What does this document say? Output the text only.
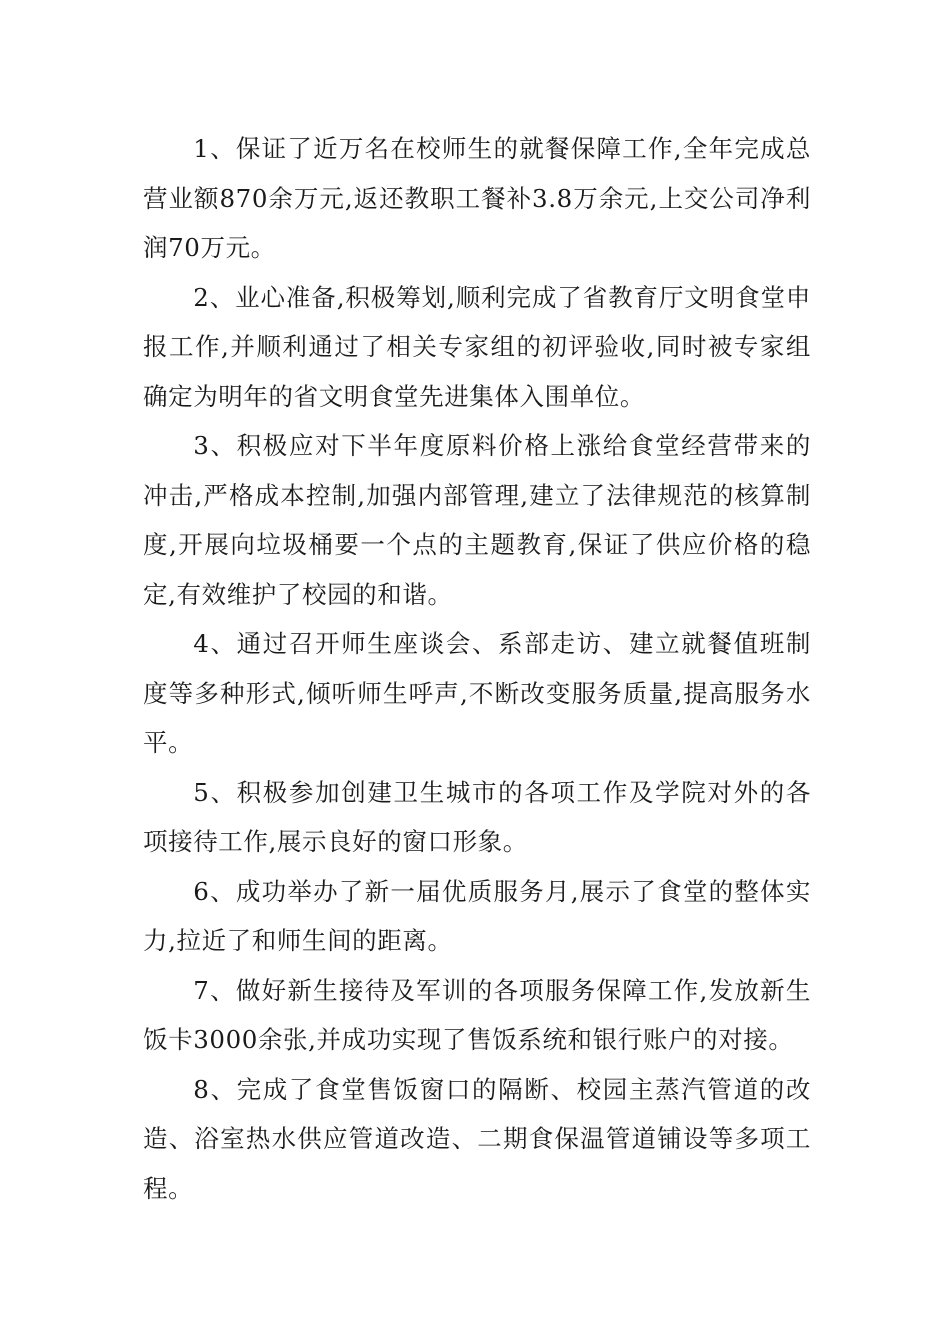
1、保证了近万名在校师生的就餐保障工作,全年完成总营业额870余万元,返还教职工餐补3.8万余元,上交公司净利润70万元。

2、业心准备,积极筹划,顺利完成了省教育厅文明食堂申报工作,并顺利通过了相关专家组的初评验收,同时被专家组确定为明年的省文明食堂先进集体入围单位。

3、积极应对下半年度原料价格上涨给食堂经营带来的冲击,严格成本控制,加强内部管理,建立了法律规范的核算制度,开展向垃圾桶要一个点的主题教育,保证了供应价格的稳定,有效维护了校园的和谐。

4、通过召开师生座谈会、系部走访、建立就餐值班制度等多种形式,倾听师生呼声,不断改变服务质量,提高服务水平。

5、积极参加创建卫生城市的各项工作及学院对外的各项接待工作,展示良好的窗口形象。

6、成功举办了新一届优质服务月,展示了食堂的整体实力,拉近了和师生间的距离。

7、做好新生接待及军训的各项服务保障工作,发放新生饭卡3000余张,并成功实现了售饭系统和银行账户的对接。

8、完成了食堂售饭窗口的隔断、校园主蒸汽管道的改造、浴室热水供应管道改造、二期食保温管道铺设等多项工程。
